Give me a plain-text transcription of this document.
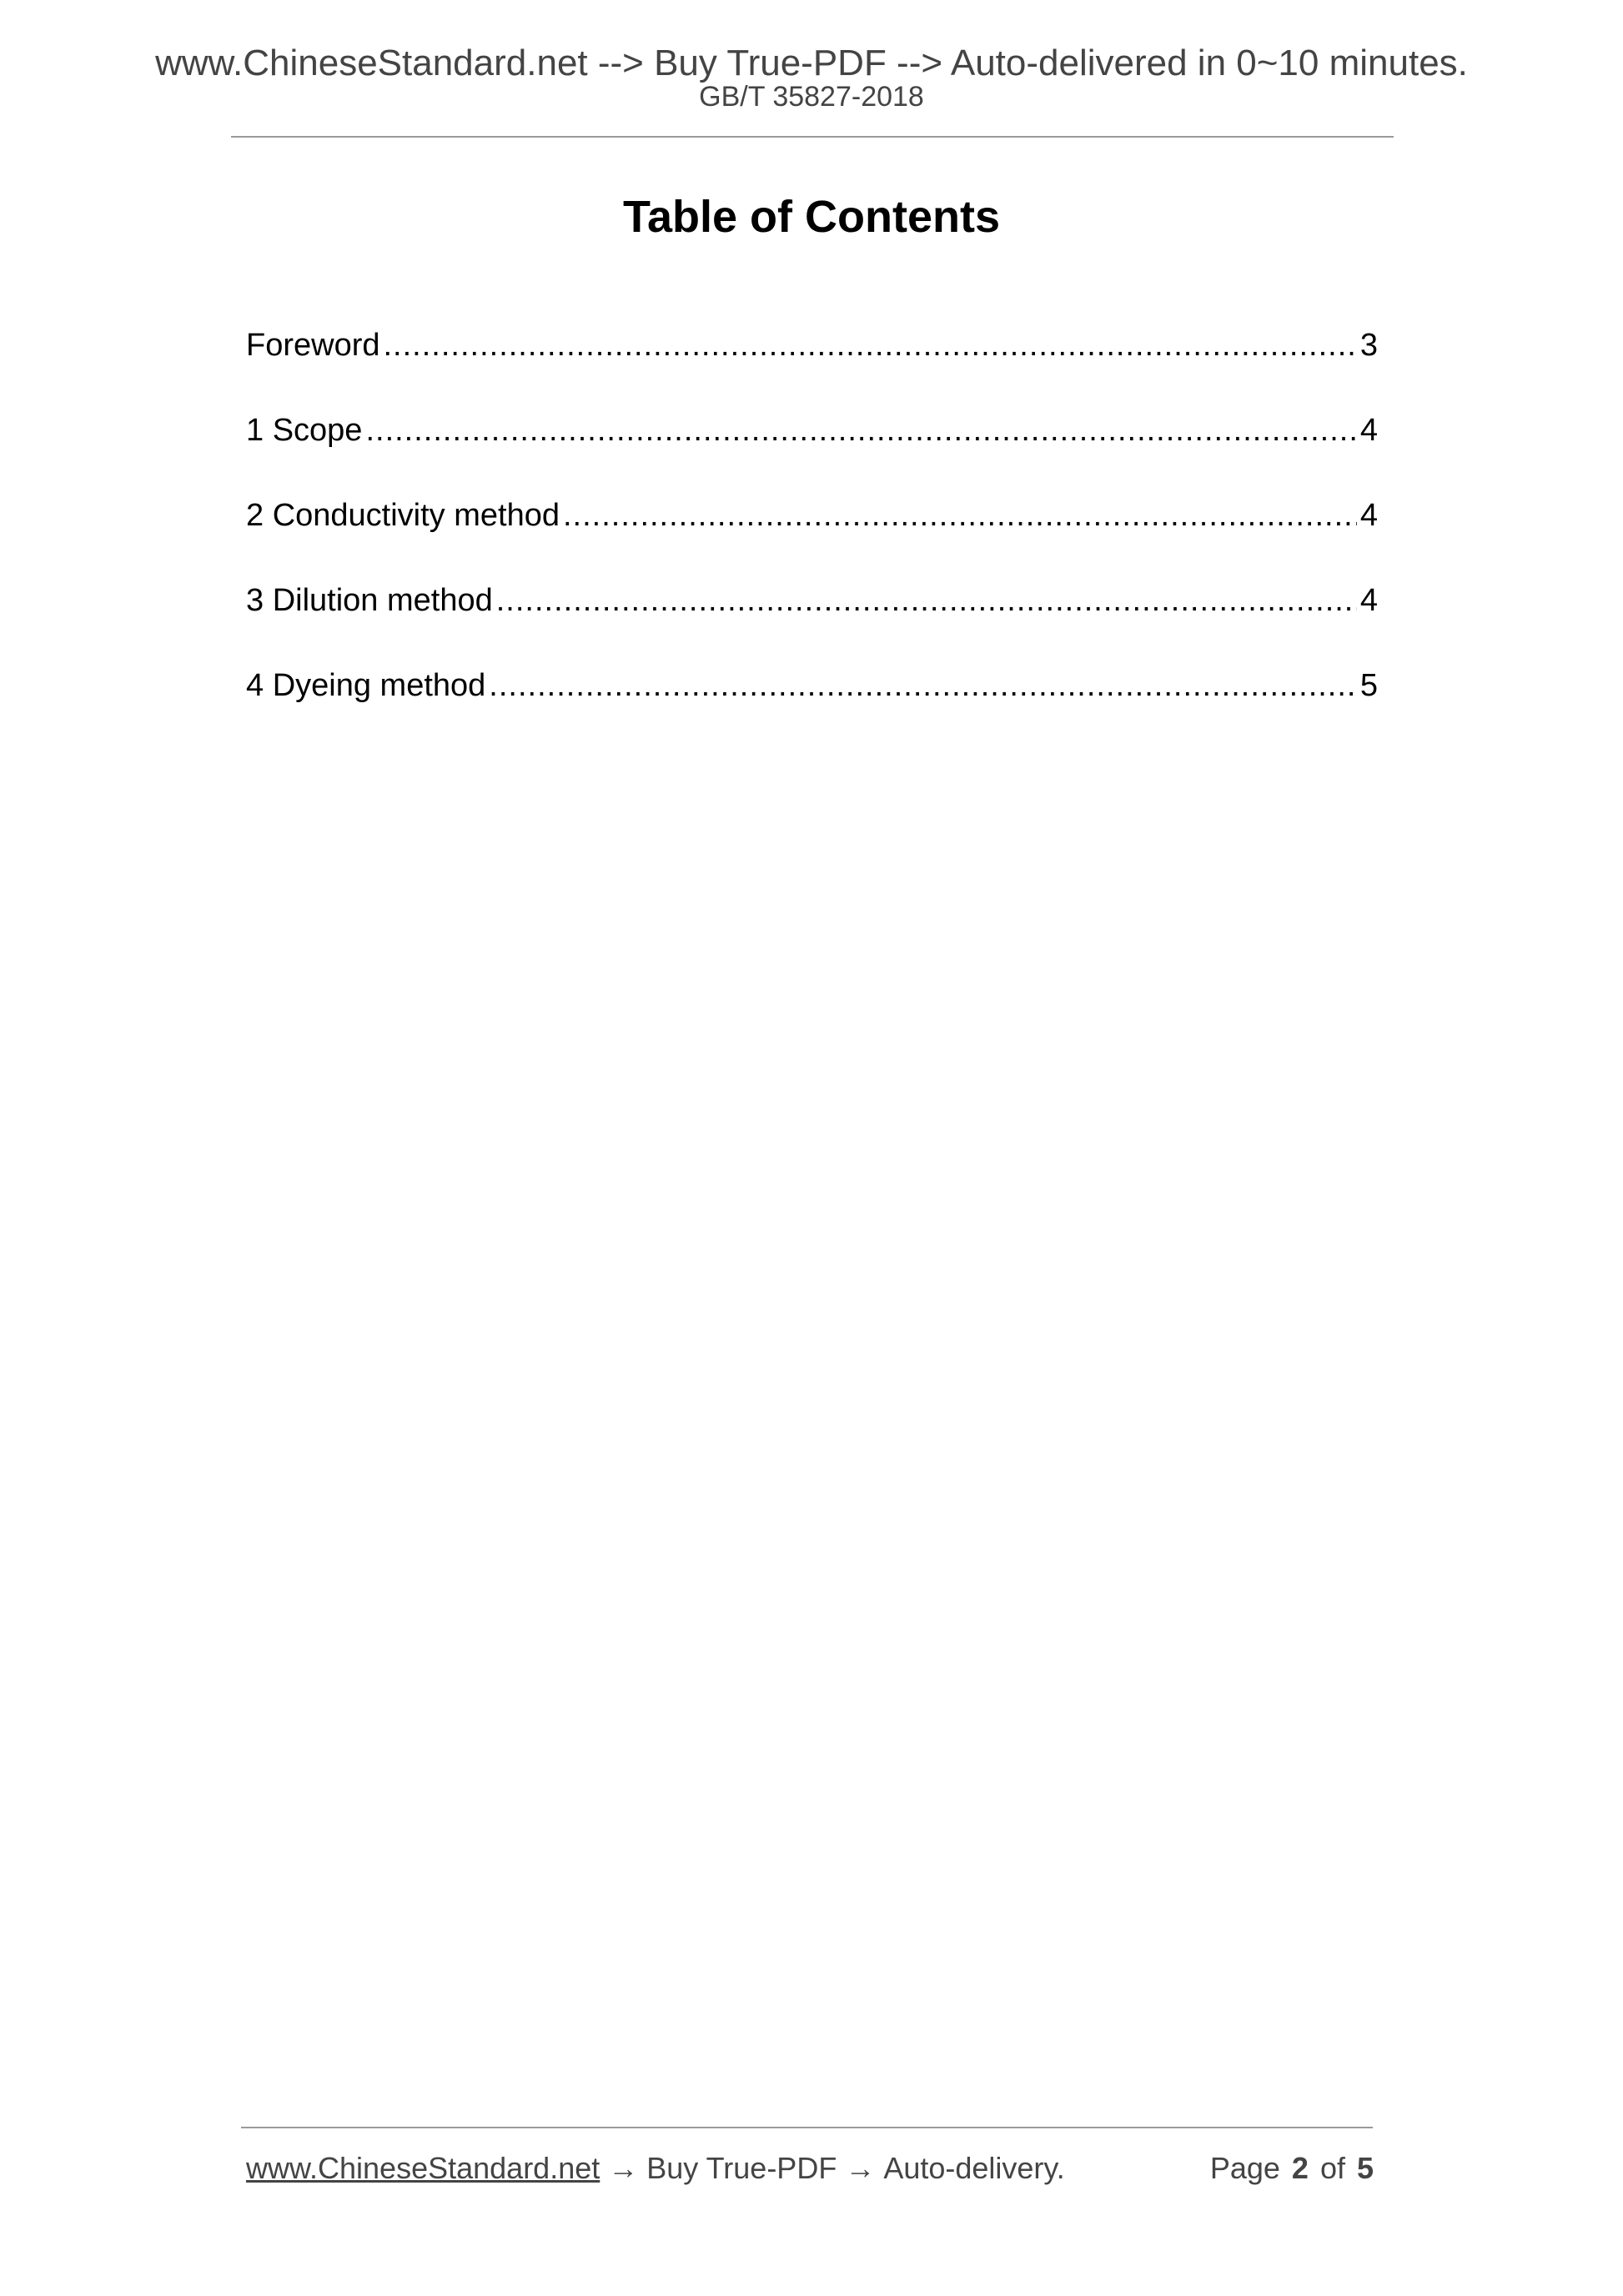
www.ChineseStandard.net --> Buy True-PDF --> Auto-delivered in 0~10 minutes.
GB/T 35827-2018
Table of Contents
Foreword .....	3
1 Scope .....	4
2 Conductivity method .....	4
3 Dilution method .....	4
4 Dyeing method .....	5
www.ChineseStandard.net → Buy True-PDF → Auto-delivery.	Page 2 of 5
